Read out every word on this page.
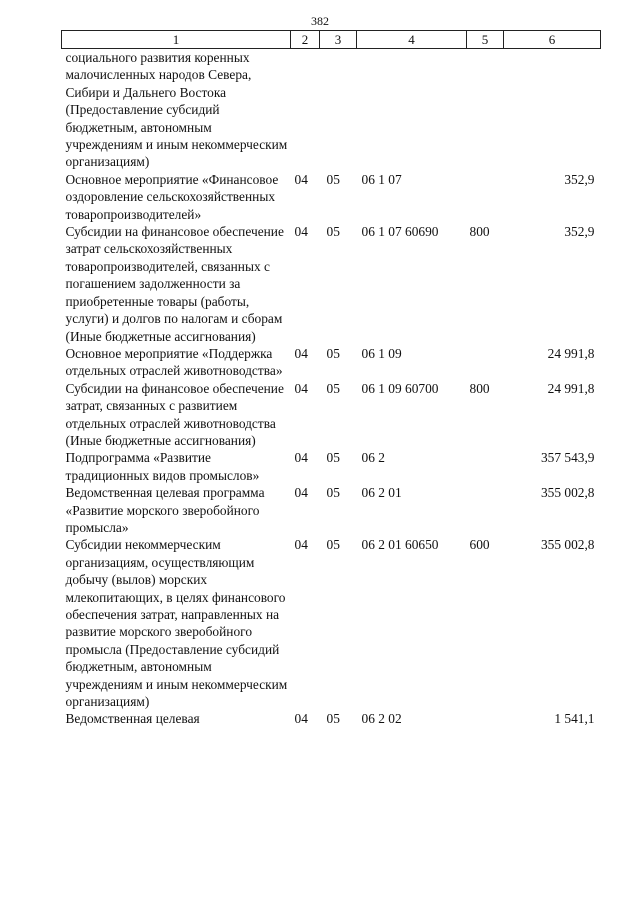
382
1	2	3	4	5	6
социального развития коренных малочисленных народов Севера, Сибири и Дальнего Востока (Предоставление субсидий бюджетным, автономным учреждениям и иным некоммерческим организациям)					
Основное мероприятие «Финансовое оздоровление сельскохозяйственных товаропроизводителей»	04	05	06 1 07		352,9
Субсидии на финансовое обеспечение затрат сельскохозяйственных товаропроизводителей, связанных с погашением задолженности за приобретенные товары (работы, услуги) и долгов по налогам и сборам (Иные бюджетные ассигнования)	04	05	06 1 07 60690	800	352,9
Основное мероприятие «Поддержка отдельных отраслей животноводства»	04	05	06 1 09		24 991,8
Субсидии на финансовое обеспечение затрат, связанных с развитием отдельных отраслей животноводства (Иные бюджетные ассигнования)	04	05	06 1 09 60700	800	24 991,8
Подпрограмма «Развитие традиционных видов промыслов»	04	05	06 2		357 543,9
Ведомственная целевая программа «Развитие морского зверобойного промысла»	04	05	06 2 01		355 002,8
Субсидии некоммерческим организациям, осуществляющим добычу (вылов) морских млекопитающих, в целях финансового обеспечения затрат, направленных на развитие морского зверобойного промысла (Предоставление субсидий бюджетным, автономным учреждениям и иным некоммерческим организациям)	04	05	06 2 01 60650	600	355 002,8
Ведомственная целевая	04	05	06 2 02		1 541,1
